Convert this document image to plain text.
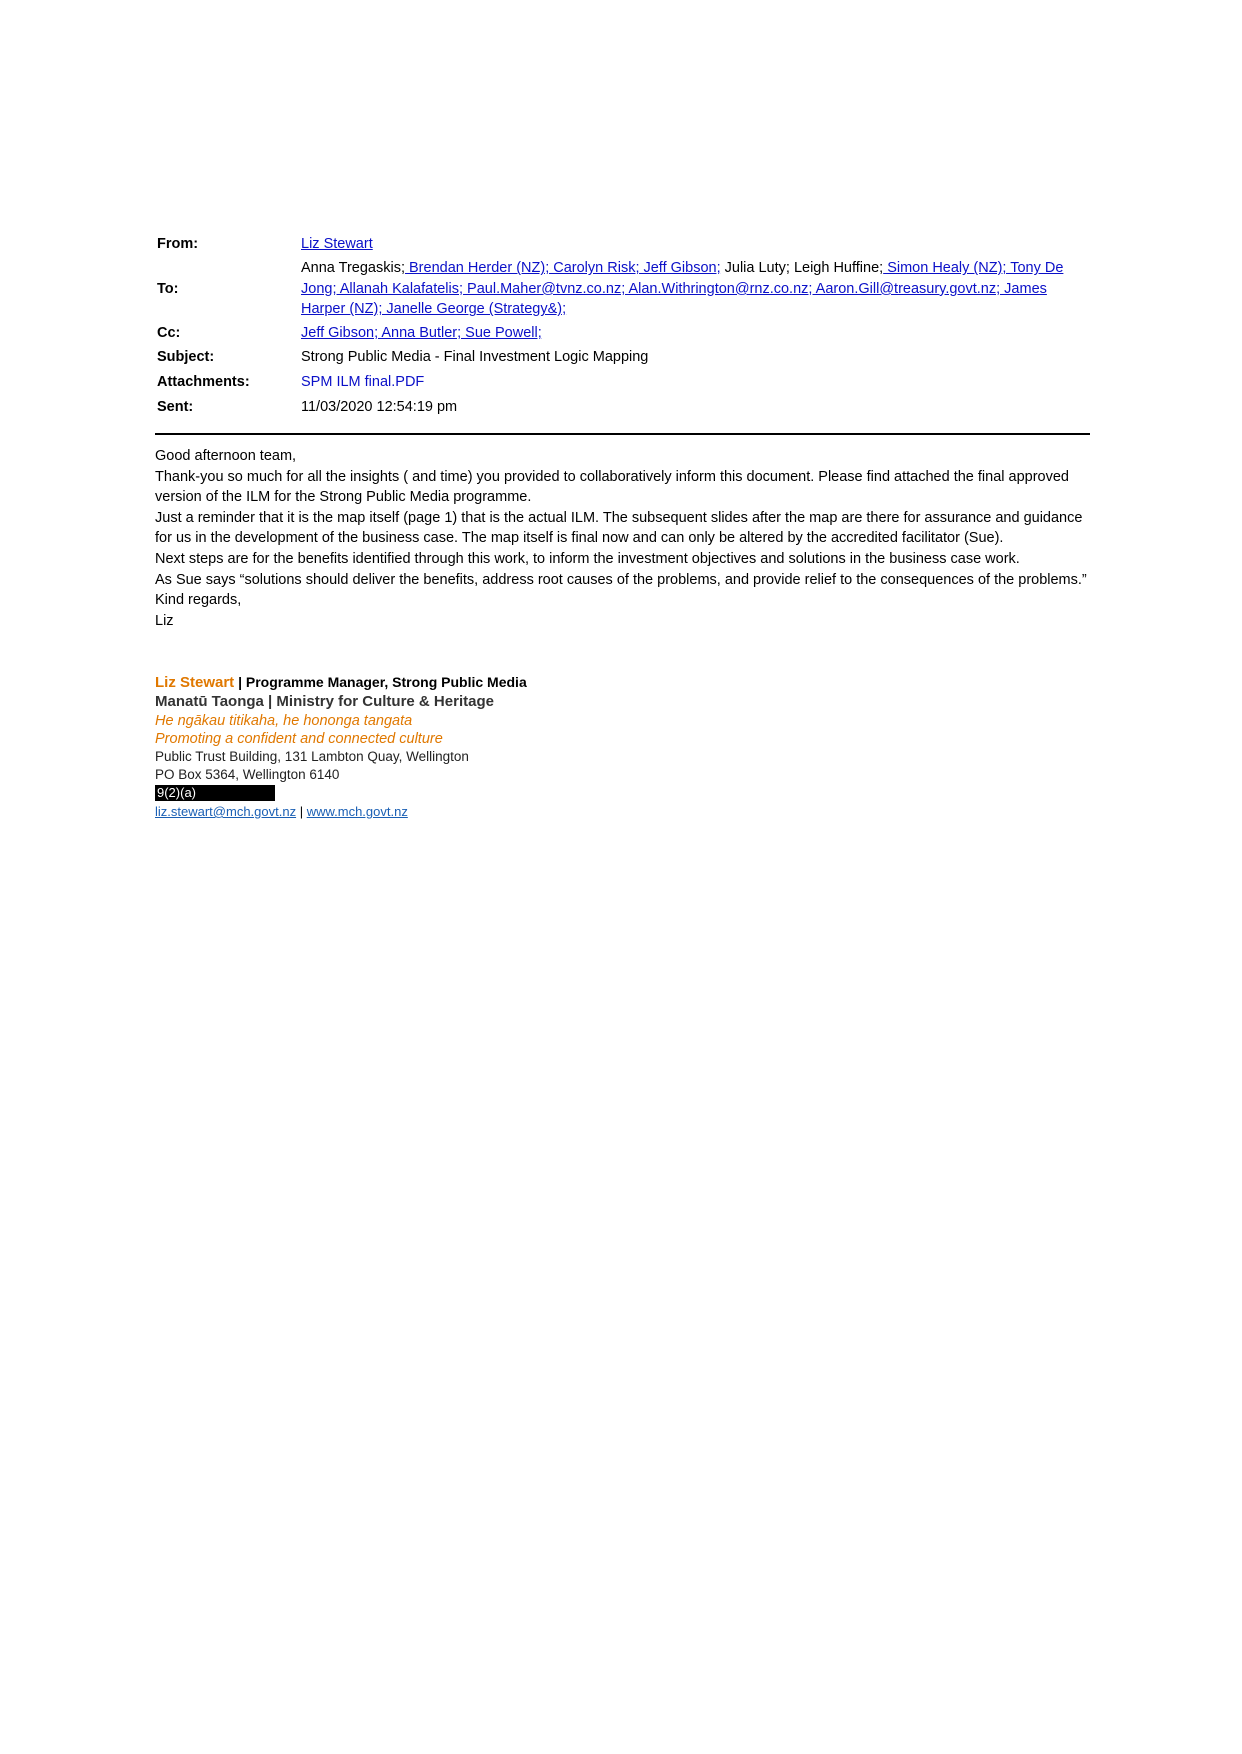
From:	Liz Stewart
To:	Anna Tregaskis; Brendan Herder (NZ); Carolyn Risk; Jeff Gibson; Julia Luty; Leigh Huffine; Simon Healy (NZ); Tony De Jong; Allanah Kalafatelis; Paul.Maher@tvnz.co.nz; Alan.Withrington@rnz.co.nz; Aaron.Gill@treasury.govt.nz; James Harper (NZ); Janelle George (Strategy&);
Cc:	Jeff Gibson; Anna Butler; Sue Powell;
Subject:	Strong Public Media - Final Investment Logic Mapping
Attachments:	SPM ILM final.PDF
Sent:	11/03/2020 12:54:19 pm

Good afternoon team,

Thank-you so much for all the insights ( and time) you provided to collaboratively inform this document. Please find attached the final approved version of the ILM for the Strong Public Media programme.

Just a reminder that it is the map itself (page 1) that is the actual ILM. The subsequent slides after the map are there for assurance and guidance for us in the development of the business case. The map itself is final now and can only be altered by the accredited facilitator (Sue).

Next steps are for the benefits identified through this work, to inform the investment objectives and solutions in the business case work.

As Sue says “solutions should deliver the benefits, address root causes of the problems, and provide relief to the consequences of the problems.”

Kind regards,

Liz

Liz Stewart | Programme Manager, Strong Public Media
Manatū Taonga | Ministry for Culture & Heritage
He ngākau titikaha, he hononga tangata
Promoting a confident and connected culture
Public Trust Building, 131 Lambton Quay, Wellington
PO Box 5364, Wellington 6140
9(2)(a)
liz.stewart@mch.govt.nz | www.mch.govt.nz
